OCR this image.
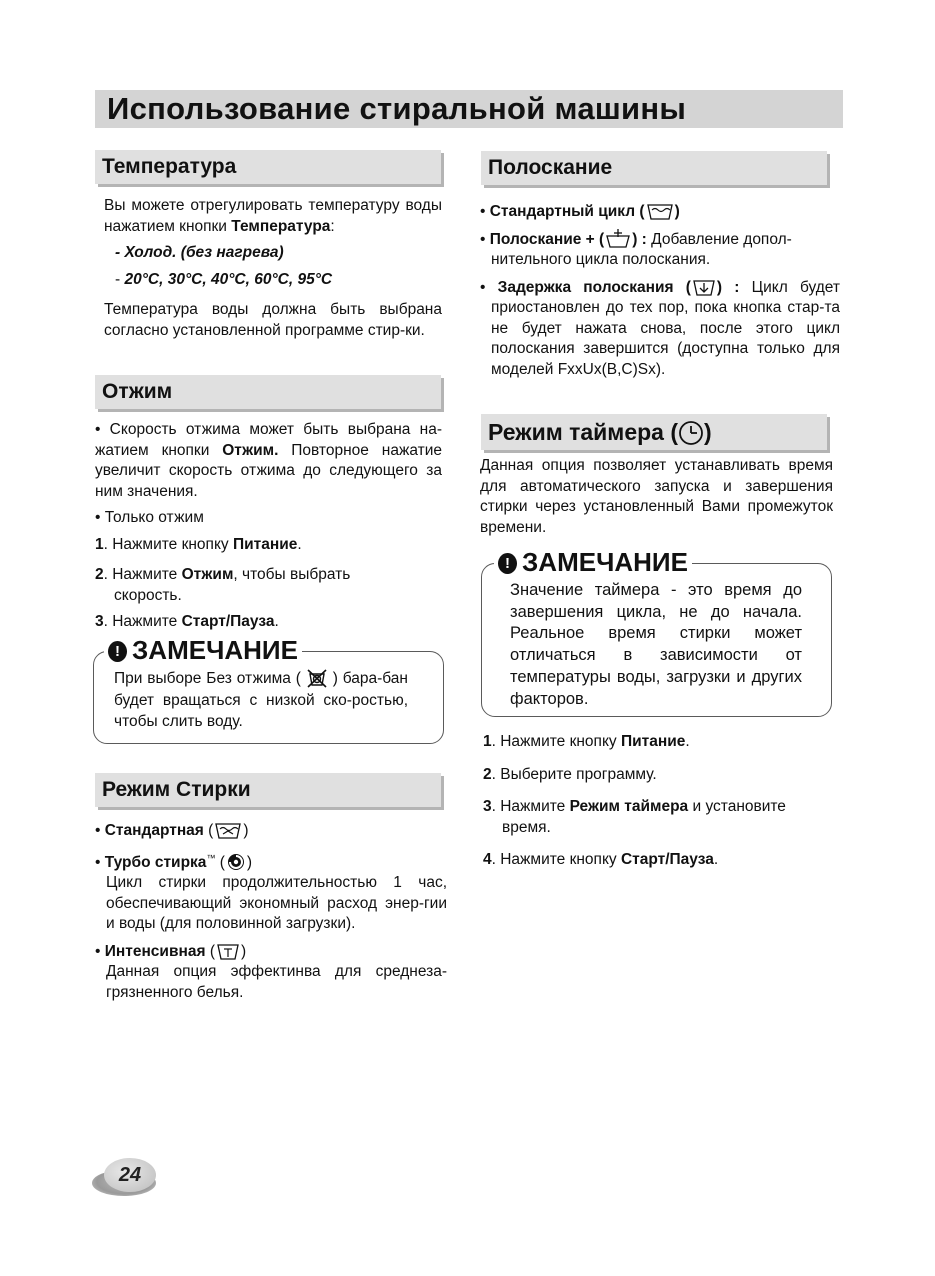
Использование стиральной машины
Температура

Вы можете отрегулировать температуру воды нажатием кнопки Температура:

- Холод. (без нагрева)

- 20°C, 30°C, 40°C, 60°C, 95°C

Температура воды должна быть выбрана согласно установленной программе стир-ки.

Отжим

• Скорость отжима может быть выбрана на-жатием кнопки Отжим. Повторное нажатие увеличит скорость отжима до следующего за ним значения.

• Только отжим

1. Нажмите кнопку Питание.

2. Нажмите Отжим, чтобы выбрать

скорость.

3. Нажмите Старт/Пауза.

! ЗАМЕЧАНИЕ
При выборе Без отжима (  ) бара-бан будет вращаться с низкой ско-ростью, чтобы слить воду.
Режим Стирки

• Стандартная ( )

• Турбо стирка™ ( )

Цикл стирки продолжительностью 1 час, обеспечивающий экономный расход энер-гии и воды (для половинной загрузки).

• Интенсивная ( )

Данная опция эффектинва для среднеза-грязненного белья.

Полоскание

• Стандартный цикл ( )

• Полоскание + ( ) : Добавление допол-нительного цикла полоскания.

• Задержка полоскания ( ) : Цикл будет приостановлен до тех пор, пока кнопка стар-та не будет нажата снова, после этого цикл полоскания завершится (доступна только для моделей FxxUx(B,C)Sx).

Режим таймера ( )
Данная опция позволяет устанавливать время для автоматического запуска и завершения стирки через установленный Вами промежуток времени.
! ЗАМЕЧАНИЕ
Значение таймера - это время до завершения цикла, не до начала. Реальное время стирки может отличаться в зависимости от температуры воды, загрузки и других факторов.

1. Нажмите кнопку Питание.

2. Выберите программу.

3. Нажмите Режим таймера и установите

время.

4. Нажмите кнопку Старт/Пауза.

24
